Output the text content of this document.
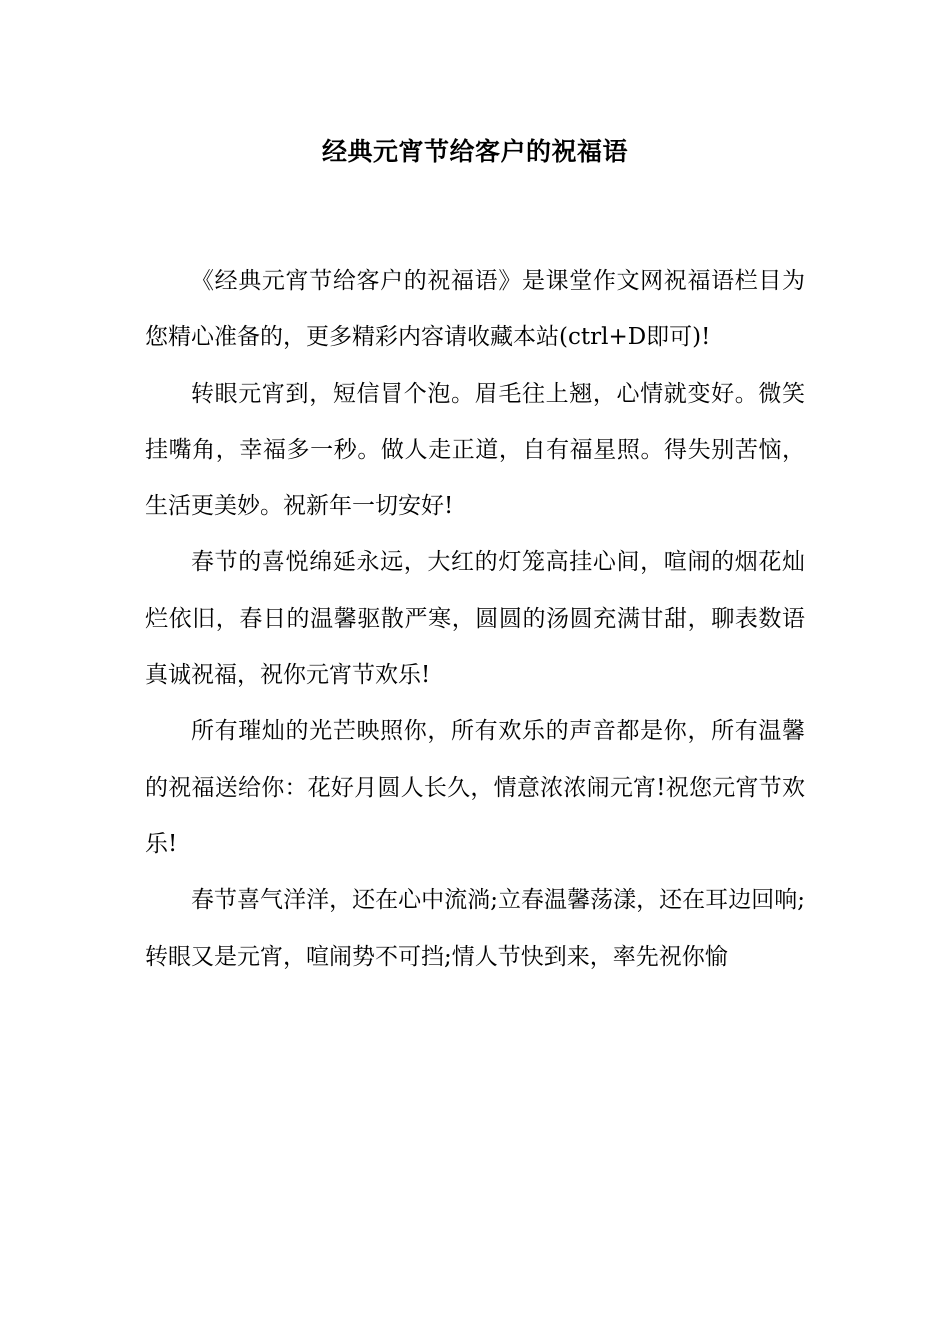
经典元宵节给客户的祝福语

《经典元宵节给客户的祝福语》是课堂作文网祝福语栏目为您精心准备的，更多精彩内容请收藏本站(ctrl+D即可)!

转眼元宵到，短信冒个泡。眉毛往上翘，心情就变好。微笑挂嘴角，幸福多一秒。做人走正道，自有福星照。得失别苦恼，生活更美妙。祝新年一切安好!

春节的喜悦绵延永远，大红的灯笼高挂心间，喧闹的烟花灿烂依旧，春日的温馨驱散严寒，圆圆的汤圆充满甘甜，聊表数语真诚祝福，祝你元宵节欢乐!

所有璀灿的光芒映照你，所有欢乐的声音都是你，所有温馨的祝福送给你：花好月圆人长久，情意浓浓闹元宵!祝您元宵节欢乐!

春节喜气洋洋，还在心中流淌;立春温馨荡漾，还在耳边回响;转眼又是元宵，喧闹势不可挡;情人节快到来，率先祝你愉
